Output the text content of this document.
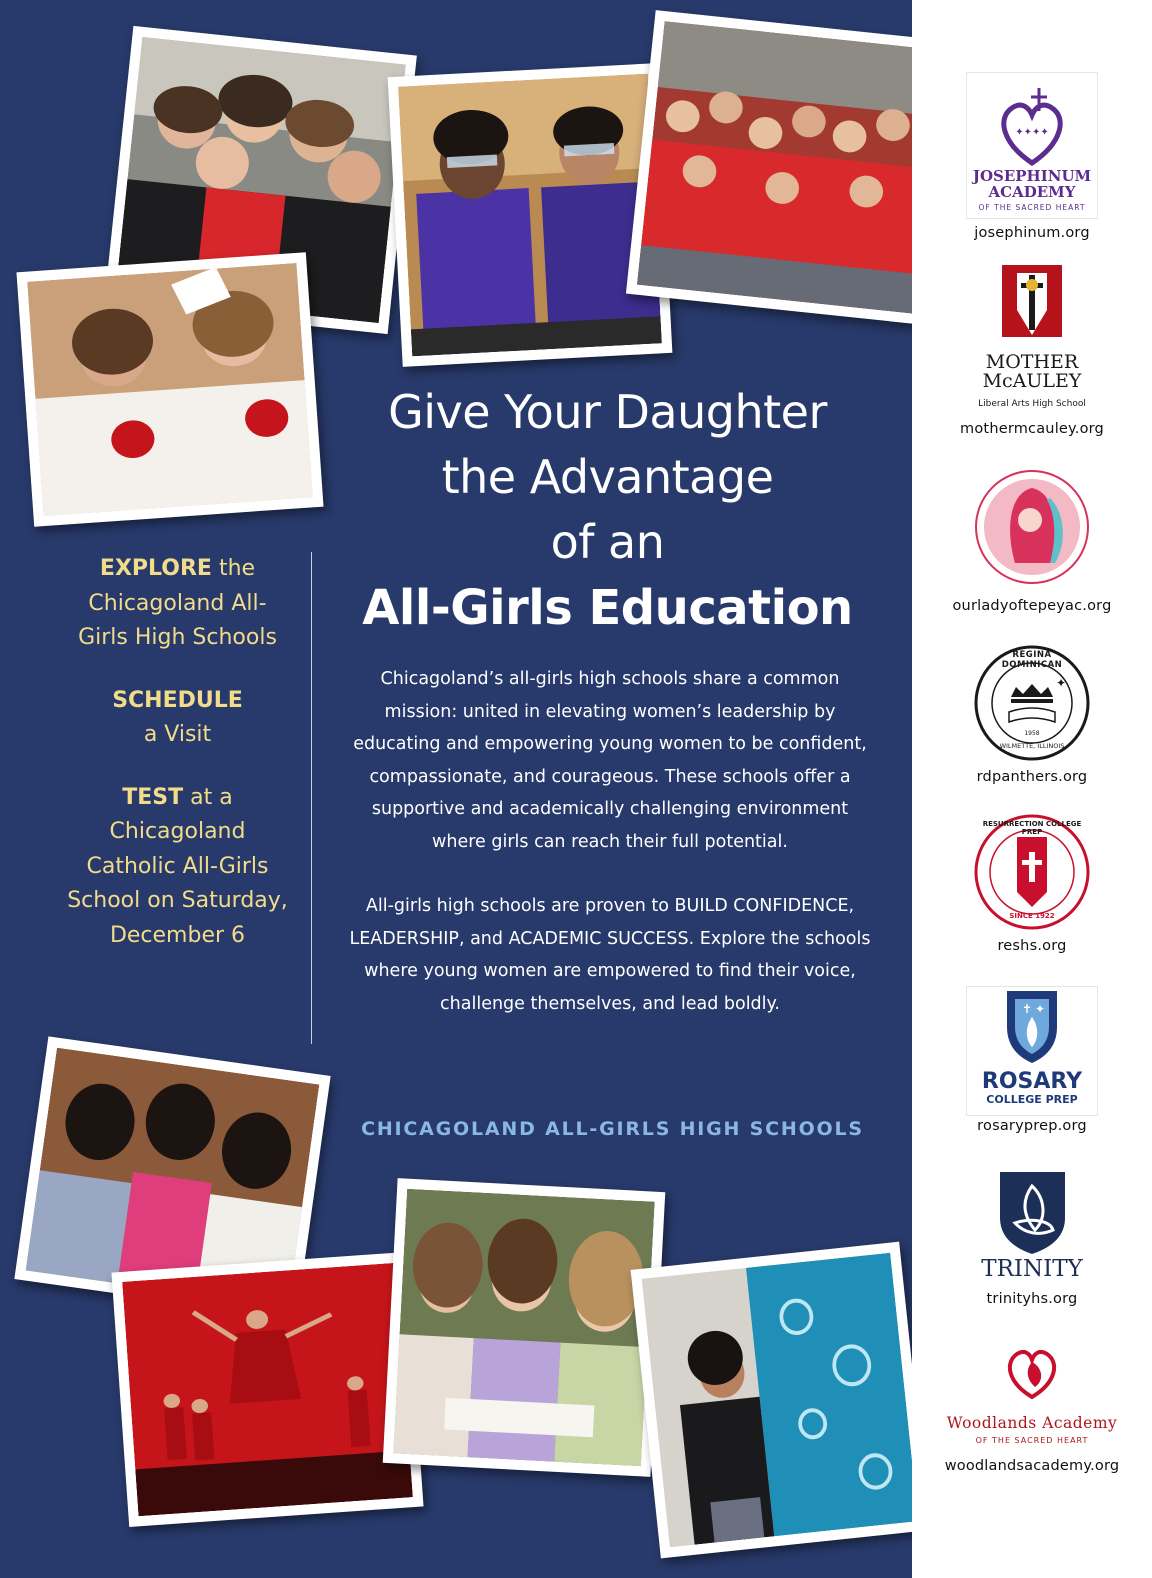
Give Your Daughter
the Advantage
of an
All-Girls Education
EXPLORE the Chicagoland All-Girls High Schools
SCHEDULE
a Visit
TEST at a Chicagoland Catholic All-Girls School on Saturday, December 6

Chicagoland’s all-girls high schools share a common mission: united in elevating women’s leadership by educating and empowering young women to be confident, compassionate, and courageous. These schools offer a supportive and academically challenging environment where girls can reach their full potential.

All-girls high schools are proven to BUILD CONFIDENCE, LEADERSHIP, and ACADEMIC SUCCESS. Explore the schools where young women are empowered to find their voice, challenge themselves, and lead boldly.

CHICAGOLAND ALL-GIRLS HIGH SCHOOLS
✦✦✦✦
JOSEPHINUM ACADEMY
OF THE SACRED HEART
josephinum.org
MOTHER McAULEY
Liberal Arts High School
mothermcauley.org
ourladyoftepeyac.org
✦
REGINA DOMINICAN
1958
WILMETTE, ILLINOIS
rdpanthers.org
RESURRECTION COLLEGE PREP
SINCE 1922
reshs.org
✝ ✦
ROSARY
COLLEGE PREP
rosaryprep.org
TRINITY
trinityhs.org
Woodlands Academy
OF THE SACRED HEART
woodlandsacademy.org
